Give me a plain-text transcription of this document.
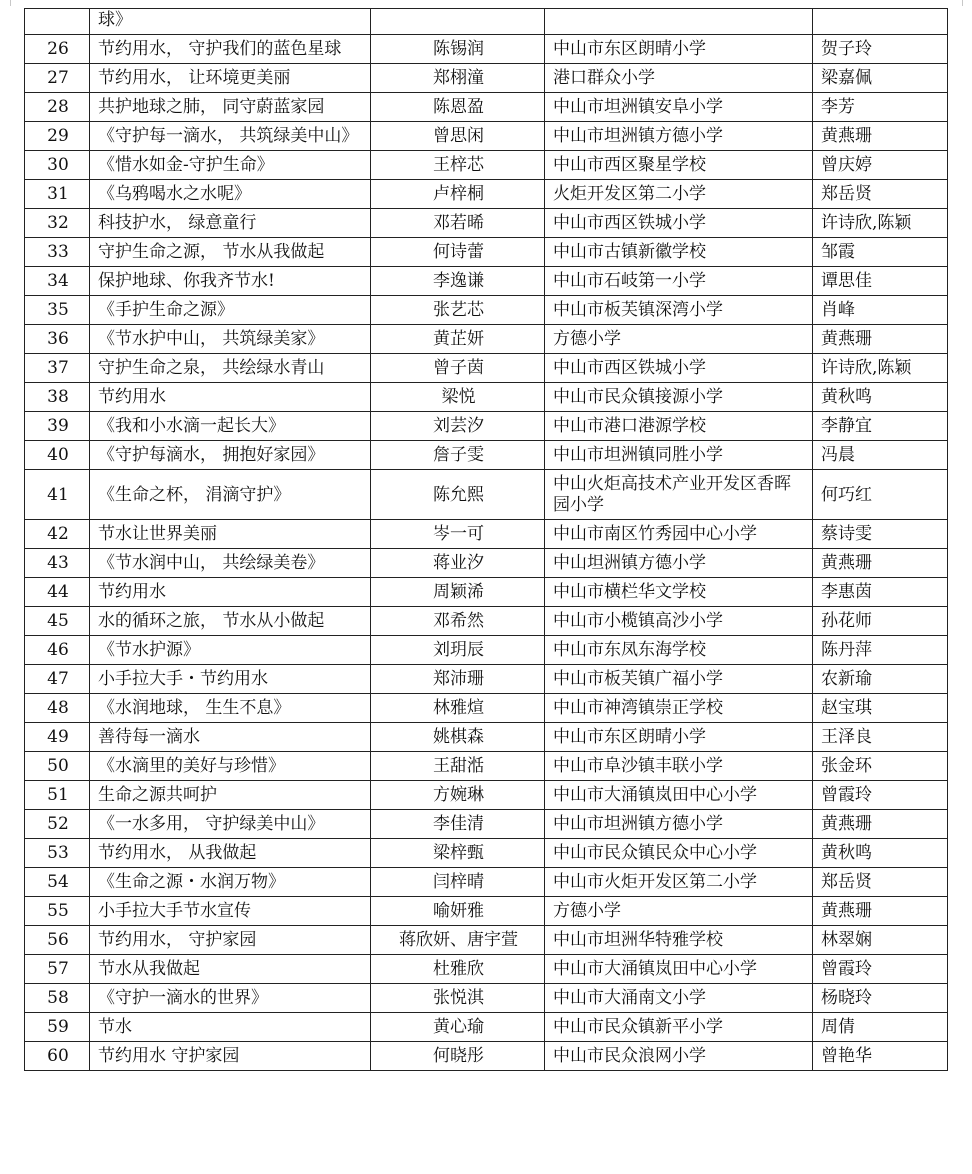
	球》			
26	节约用水， 守护我们的蓝色星球	陈锡润	中山市东区朗晴小学	贺子玲
27	节约用水， 让环境更美丽	郑栩潼	港口群众小学	梁嘉佩
28	共护地球之肺， 同守蔚蓝家园	陈恩盈	中山市坦洲镇安阜小学	李芳
29	《守护每一滴水， 共筑绿美中山》	曾思闲	中山市坦洲镇方德小学	黄燕珊
30	《惜水如金-守护生命》	王梓芯	中山市西区聚星学校	曾庆婷
31	《乌鸦喝水之水呢》	卢梓桐	火炬开发区第二小学	郑岳贤
32	科技护水， 绿意童行	邓若晞	中山市西区铁城小学	许诗欣,陈颖
33	守护生命之源， 节水从我做起	何诗蕾	中山市古镇新徽学校	邹霞
34	保护地球、你我齐节水!	李逸谦	中山市石岐第一小学	谭思佳
35	《手护生命之源》	张艺芯	中山市板芙镇深湾小学	肖峰
36	《节水护中山， 共筑绿美家》	黄芷妍	方德小学	黄燕珊
37	守护生命之泉， 共绘绿水青山	曾子茵	中山市西区铁城小学	许诗欣,陈颖
38	节约用水	梁悦	中山市民众镇接源小学	黄秋鸣
39	《我和小水滴一起长大》	刘芸汐	中山市港口港源学校	李静宜
40	《守护每滴水， 拥抱好家园》	詹子雯	中山市坦洲镇同胜小学	冯晨
41	《生命之杯， 涓滴守护》	陈允熙	中山火炬高技术产业开发区香晖园小学	何巧红
42	节水让世界美丽	岑一可	中山市南区竹秀园中心小学	蔡诗雯
43	《节水润中山， 共绘绿美卷》	蒋业汐	中山坦洲镇方德小学	黄燕珊
44	节约用水	周颖浠	中山市横栏华文学校	李惠茵
45	水的循环之旅， 节水从小做起	邓希然	中山市小榄镇高沙小学	孙花师
46	《节水护源》	刘玥辰	中山市东凤东海学校	陈丹萍
47	小手拉大手・节约用水	郑沛珊	中山市板芙镇广福小学	农新瑜
48	《水润地球， 生生不息》	林雅煊	中山市神湾镇崇正学校	赵宝琪
49	善待每一滴水	姚棋森	中山市东区朗晴小学	王泽良
50	《水滴里的美好与珍惜》	王甜湉	中山市阜沙镇丰联小学	张金环
51	生命之源共呵护	方婉琳	中山市大涌镇岚田中心小学	曾霞玲
52	《一水多用， 守护绿美中山》	李佳清	中山市坦洲镇方德小学	黄燕珊
53	节约用水， 从我做起	梁梓甄	中山市民众镇民众中心小学	黄秋鸣
54	《生命之源・水润万物》	闫梓晴	中山市火炬开发区第二小学	郑岳贤
55	小手拉大手节水宣传	喻妍雅	方德小学	黄燕珊
56	节约用水， 守护家园	蒋欣妍、唐宇萱	中山市坦洲华特雅学校	林翠娴
57	节水从我做起	杜雅欣	中山市大涌镇岚田中心小学	曾霞玲
58	《守护一滴水的世界》	张悦淇	中山市大涌南文小学	杨晓玲
59	节水	黄心瑜	中山市民众镇新平小学	周倩
60	节约用水 守护家园	何晓彤	中山市民众浪网小学	曾艳华
